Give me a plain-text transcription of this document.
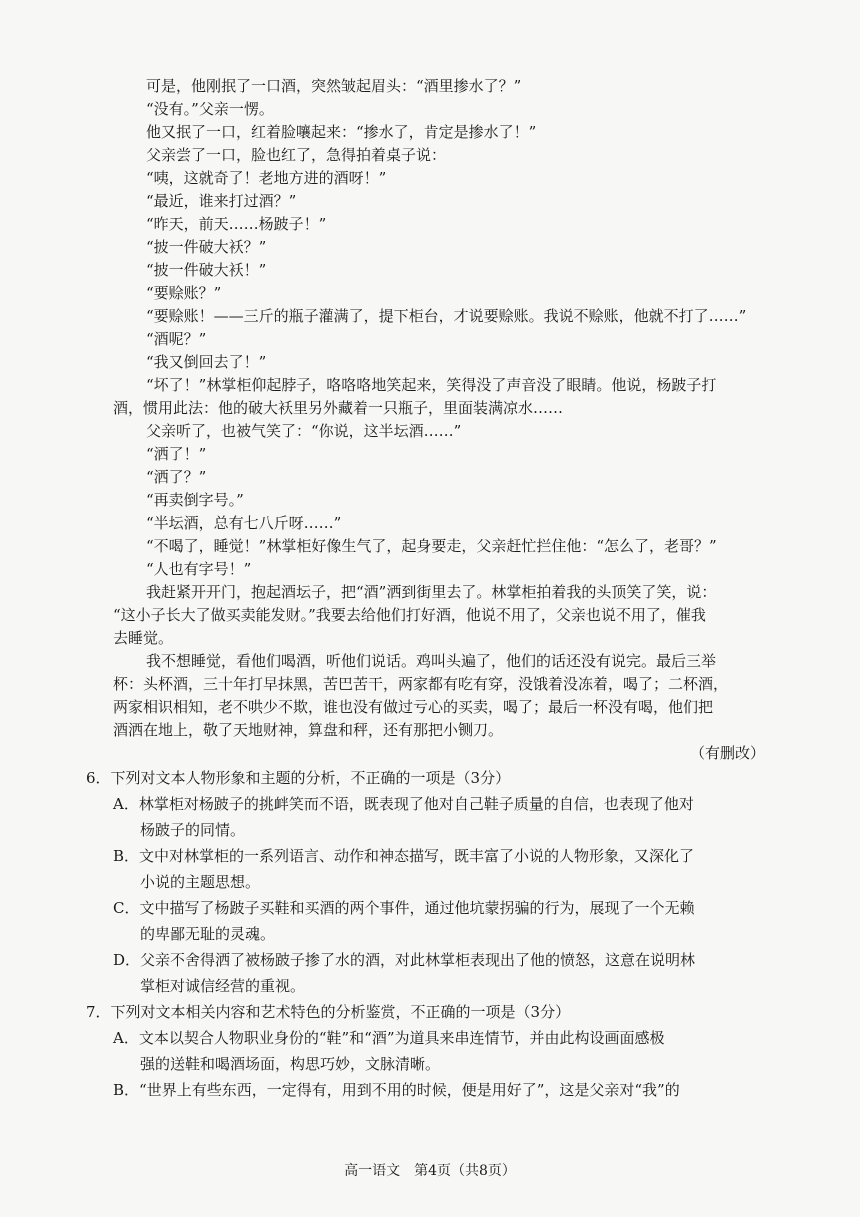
可是，他刚抿了一口酒，突然皱起眉头：“酒里掺水了？”
“没有。”父亲一愣。
他又抿了一口，红着脸嚷起来：“掺水了，肯定是掺水了！”
父亲尝了一口，脸也红了，急得拍着桌子说：
“咦，这就奇了！老地方进的酒呀！”
“最近，谁来打过酒？”
“昨天，前天……杨跛子！”
“披一件破大袄？”
“披一件破大袄！”
“要赊账？”
“要赊账！——三斤的瓶子灌满了，提下柜台，才说要赊账。我说不赊账，他就不打了……”
“酒呢？”
“我又倒回去了！”
“坏了！”林掌柜仰起脖子，咯咯咯地笑起来，笑得没了声音没了眼睛。他说，杨跛子打
酒，惯用此法：他的破大袄里另外藏着一只瓶子，里面装满凉水……
父亲听了，也被气笑了：“你说，这半坛酒……”
“洒了！”
“洒了？”
“再卖倒字号。”
“半坛酒，总有七八斤呀……”
“不喝了，睡觉！”林掌柜好像生气了，起身要走，父亲赶忙拦住他：“怎么了，老哥？”
“人也有字号！”
我赶紧开开门，抱起酒坛子，把“酒”洒到街里去了。林掌柜拍着我的头顶笑了笑，说：
“这小子长大了做买卖能发财。”我要去给他们打好酒，他说不用了，父亲也说不用了，催我
去睡觉。
我不想睡觉，看他们喝酒，听他们说话。鸡叫头遍了，他们的话还没有说完。最后三举
杯：头杯酒，三十年打早抹黑，苦巴苦干，两家都有吃有穿，没饿着没冻着，喝了；二杯酒，
两家相识相知，老不哄少不欺，谁也没有做过亏心的买卖，喝了；最后一杯没有喝，他们把
酒洒在地上，敬了天地财神，算盘和秤，还有那把小铡刀。
（有删改）
6．下列对文本人物形象和主题的分析，不正确的一项是（3分）
A．林掌柜对杨跛子的挑衅笑而不语，既表现了他对自己鞋子质量的自信，也表现了他对
杨跛子的同情。
B．文中对林掌柜的一系列语言、动作和神态描写，既丰富了小说的人物形象，又深化了
小说的主题思想。
C．文中描写了杨跛子买鞋和买酒的两个事件，通过他坑蒙拐骗的行为，展现了一个无赖
的卑鄙无耻的灵魂。
D．父亲不舍得洒了被杨跛子掺了水的酒，对此林掌柜表现出了他的愤怒，这意在说明林
掌柜对诚信经营的重视。
7．下列对文本相关内容和艺术特色的分析鉴赏，不正确的一项是（3分）
A．文本以契合人物职业身份的“鞋”和“酒”为道具来串连情节，并由此构设画面感极
强的送鞋和喝酒场面，构思巧妙，文脉清晰。
B．“世界上有些东西，一定得有，用到不用的时候，便是用好了”，这是父亲对“我”的
高一语文　第4页（共8页）
